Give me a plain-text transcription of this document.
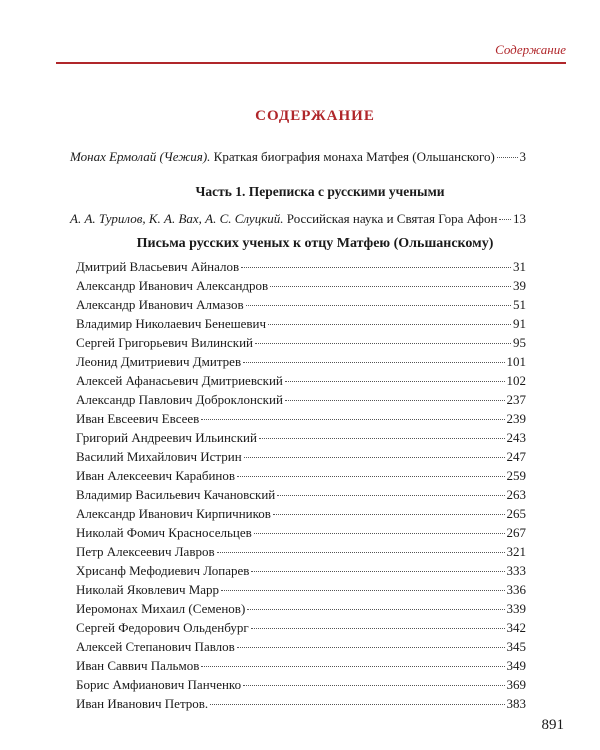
Содержание
СОДЕРЖАНИЕ
Монах Ермолай (Чежия).
Краткая биография монаха Матфея (Ольшанского) 3
Часть 1. Переписка с русскими учеными
А. А. Турилов, К. А. Вах, А. С. Слуцкий.
Российская наука и Святая Гора Афон 13
Письма русских ученых к отцу Матфею (Ольшанскому)
Дмитрий Власьевич Айналов	31
Александр Иванович Александров	39
Александр Иванович Алмазов	51
Владимир Николаевич Бенешевич	91
Сергей Григорьевич Вилинский	95
Леонид Дмитриевич Дмитрев	101
Алексей Афанасьевич Дмитриевский	102
Александр Павлович Доброклонский	237
Иван Евсеевич Евсеев	239
Григорий Андреевич Ильинский	243
Василий Михайлович Истрин	247
Иван Алексеевич Карабинов	259
Владимир Васильевич Качановский	263
Александр Иванович Кирпичников	265
Николай Фомич Красносельцев	267
Петр Алексеевич Лавров	321
Хрисанф Мефодиевич Лопарев	333
Николай Яковлевич Марр	336
Иеромонах Михаил (Семенов)	339
Сергей Федорович Ольденбург	342
Алексей Степанович Павлов	345
Иван Саввич Пальмов	349
Борис Амфианович Панченко	369
Иван Иванович Петров.	383
891
